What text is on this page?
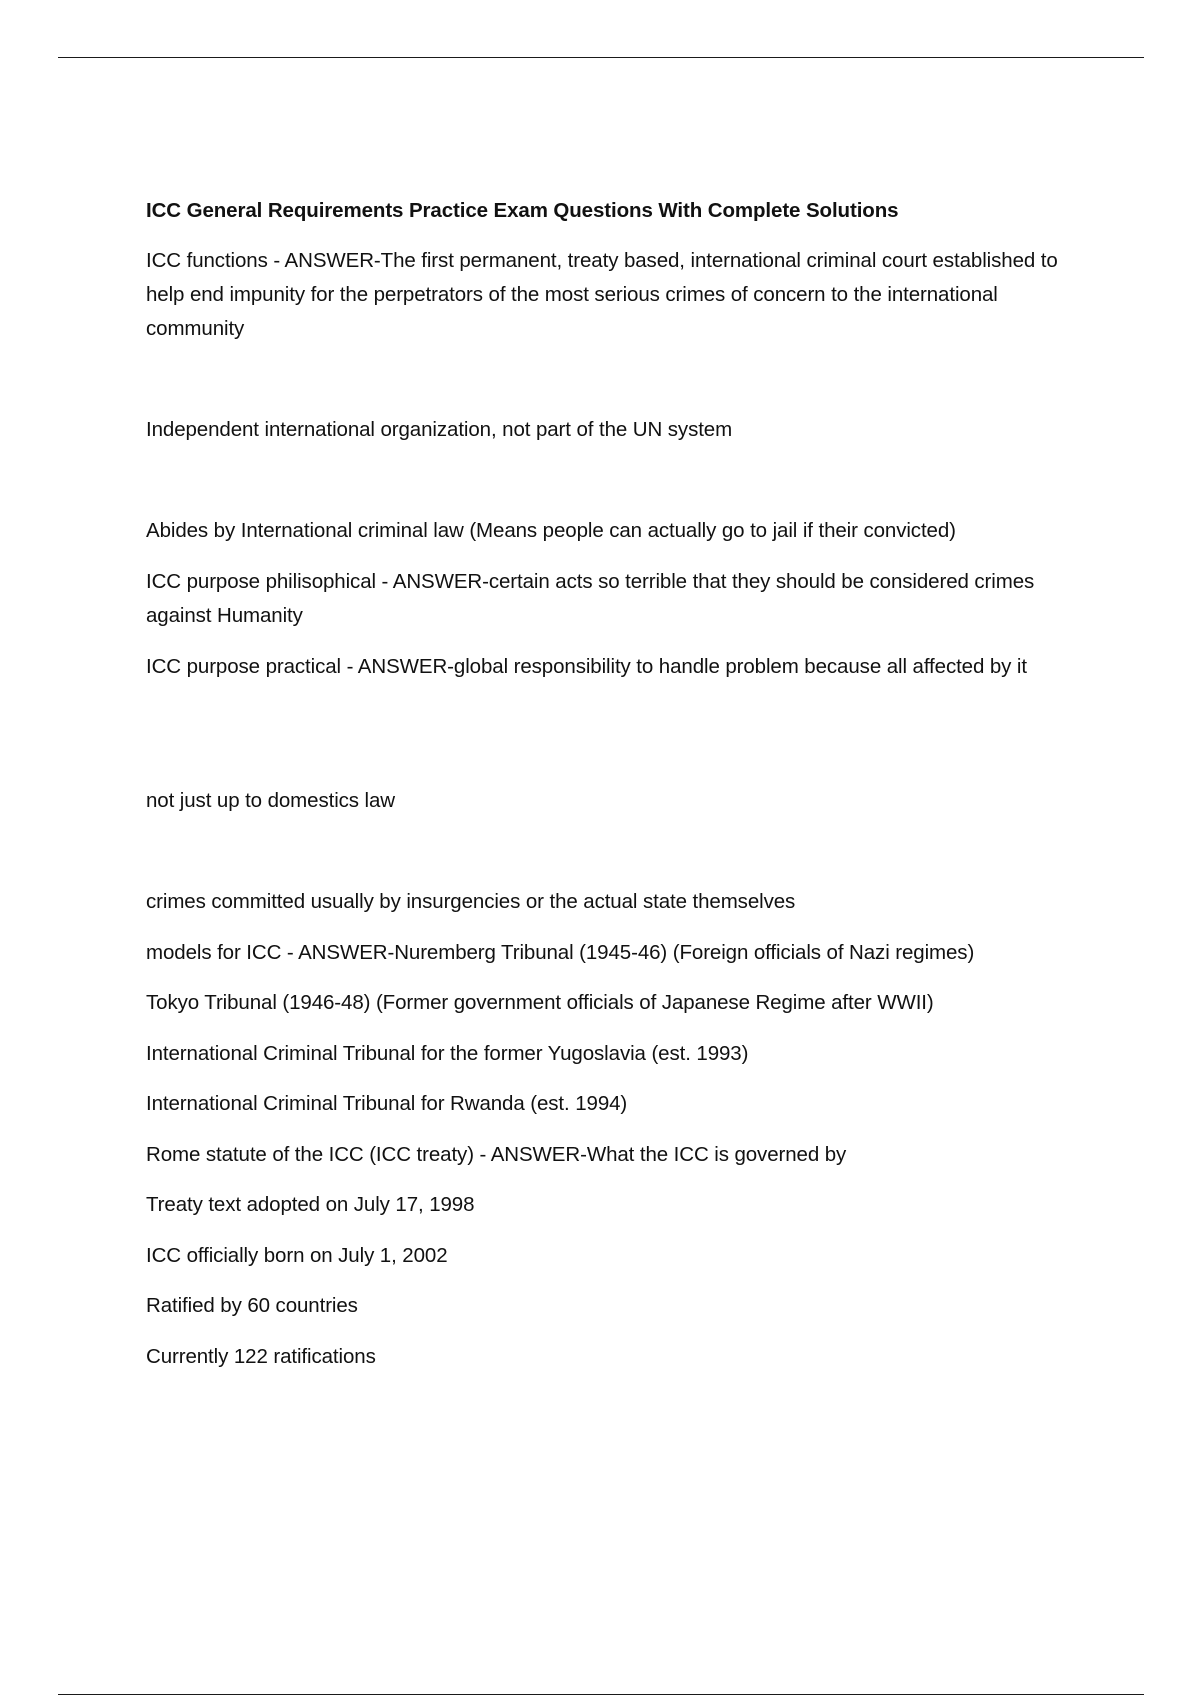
ICC General Requirements Practice Exam Questions With Complete Solutions
ICC functions - ANSWER-The first permanent, treaty based, international criminal court established to help end impunity for the perpetrators of the most serious crimes of concern to the international community
Independent international organization, not part of the UN system
Abides by International criminal law (Means people can actually go to jail if their convicted)
ICC purpose philisophical - ANSWER-certain acts so terrible that they should be considered crimes against Humanity
ICC purpose practical - ANSWER-global responsibility to handle problem because all affected by it
not just up to domestics law
crimes committed usually by insurgencies or the actual state themselves
models for ICC - ANSWER-Nuremberg Tribunal (1945-46) (Foreign officials of Nazi regimes)
Tokyo Tribunal (1946-48) (Former government officials of Japanese Regime after WWII)
International Criminal Tribunal for the former Yugoslavia (est. 1993)
International Criminal Tribunal for Rwanda (est. 1994)
Rome statute of the ICC (ICC treaty) - ANSWER-What the ICC is governed by
Treaty text adopted on July 17, 1998
ICC officially born on July 1, 2002
Ratified by 60 countries
Currently 122 ratifications
